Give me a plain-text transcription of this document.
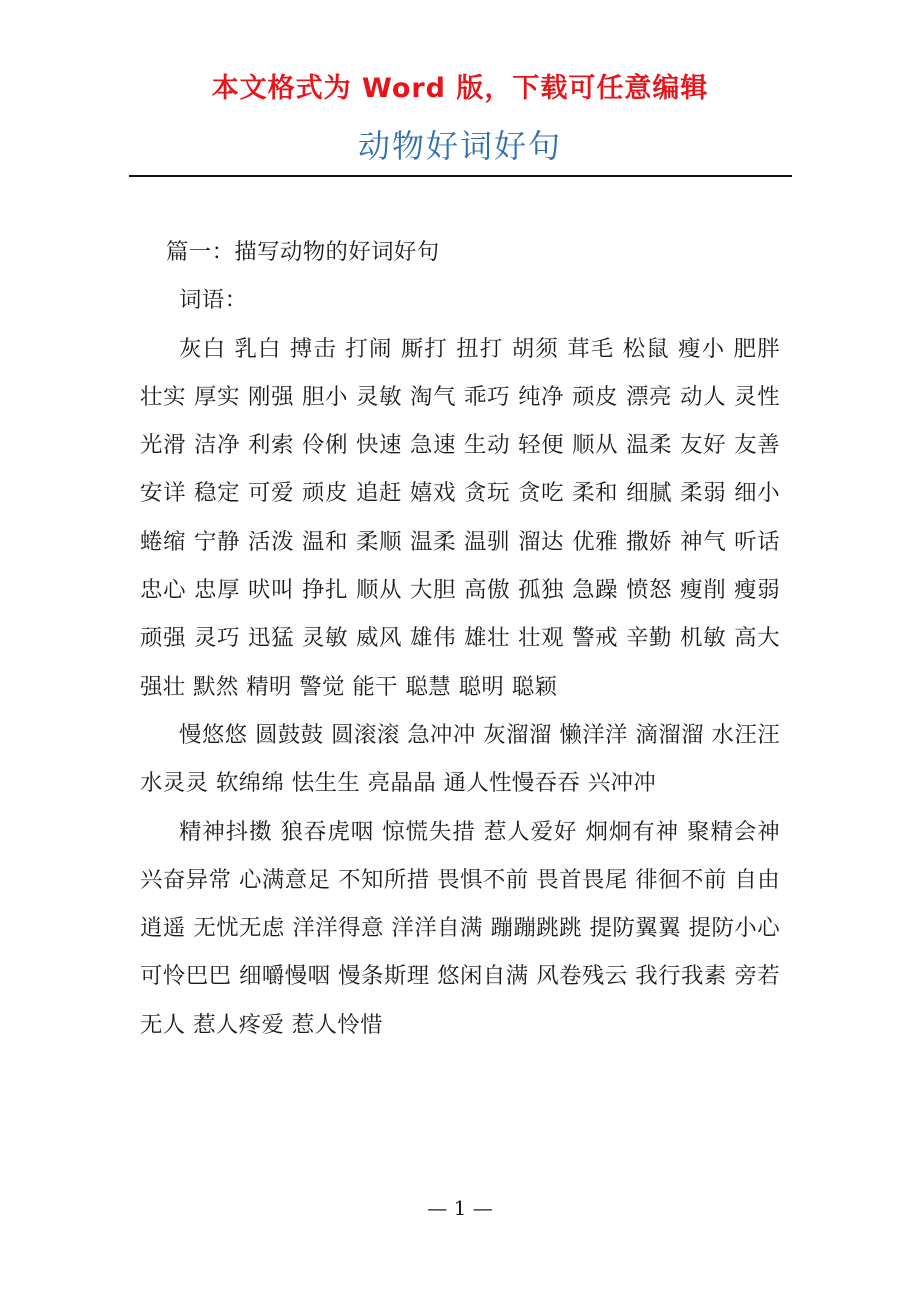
本文格式为 Word 版，下载可任意编辑
动物好词好句

篇一：描写动物的好词好句

词语：

灰白 乳白 搏击 打闹 厮打 扭打 胡须 茸毛 松鼠 瘦小 肥胖 壮实 厚实 刚强 胆小 灵敏 淘气 乖巧 纯净 顽皮 漂亮 动人 灵性 光滑 洁净 利索 伶俐 快速 急速 生动 轻便 顺从 温柔 友好 友善 安详 稳定 可爱 顽皮 追赶 嬉戏 贪玩 贪吃 柔和 细腻 柔弱 细小 蜷缩 宁静 活泼 温和 柔顺 温柔 温驯 溜达 优雅 撒娇 神气 听话 忠心 忠厚 吠叫 挣扎 顺从 大胆 高傲 孤独 急躁 愤怒 瘦削 瘦弱 顽强 灵巧 迅猛 灵敏 威风 雄伟 雄壮 壮观 警戒 辛勤 机敏 高大 强壮 默然 精明 警觉 能干 聪慧 聪明 聪颖

慢悠悠 圆鼓鼓 圆滚滚 急冲冲 灰溜溜 懒洋洋 滴溜溜 水汪汪 水灵灵 软绵绵 怯生生 亮晶晶 通人性慢吞吞 兴冲冲

精神抖擞 狼吞虎咽 惊慌失措 惹人爱好 炯炯有神 聚精会神 兴奋异常 心满意足 不知所措 畏惧不前 畏首畏尾 徘徊不前 自由逍遥 无忧无虑 洋洋得意 洋洋自满 蹦蹦跳跳 提防翼翼 提防小心 可怜巴巴 细嚼慢咽 慢条斯理 悠闲自满 风卷残云 我行我素 旁若无人 惹人疼爱 惹人怜惜

— 1 —
